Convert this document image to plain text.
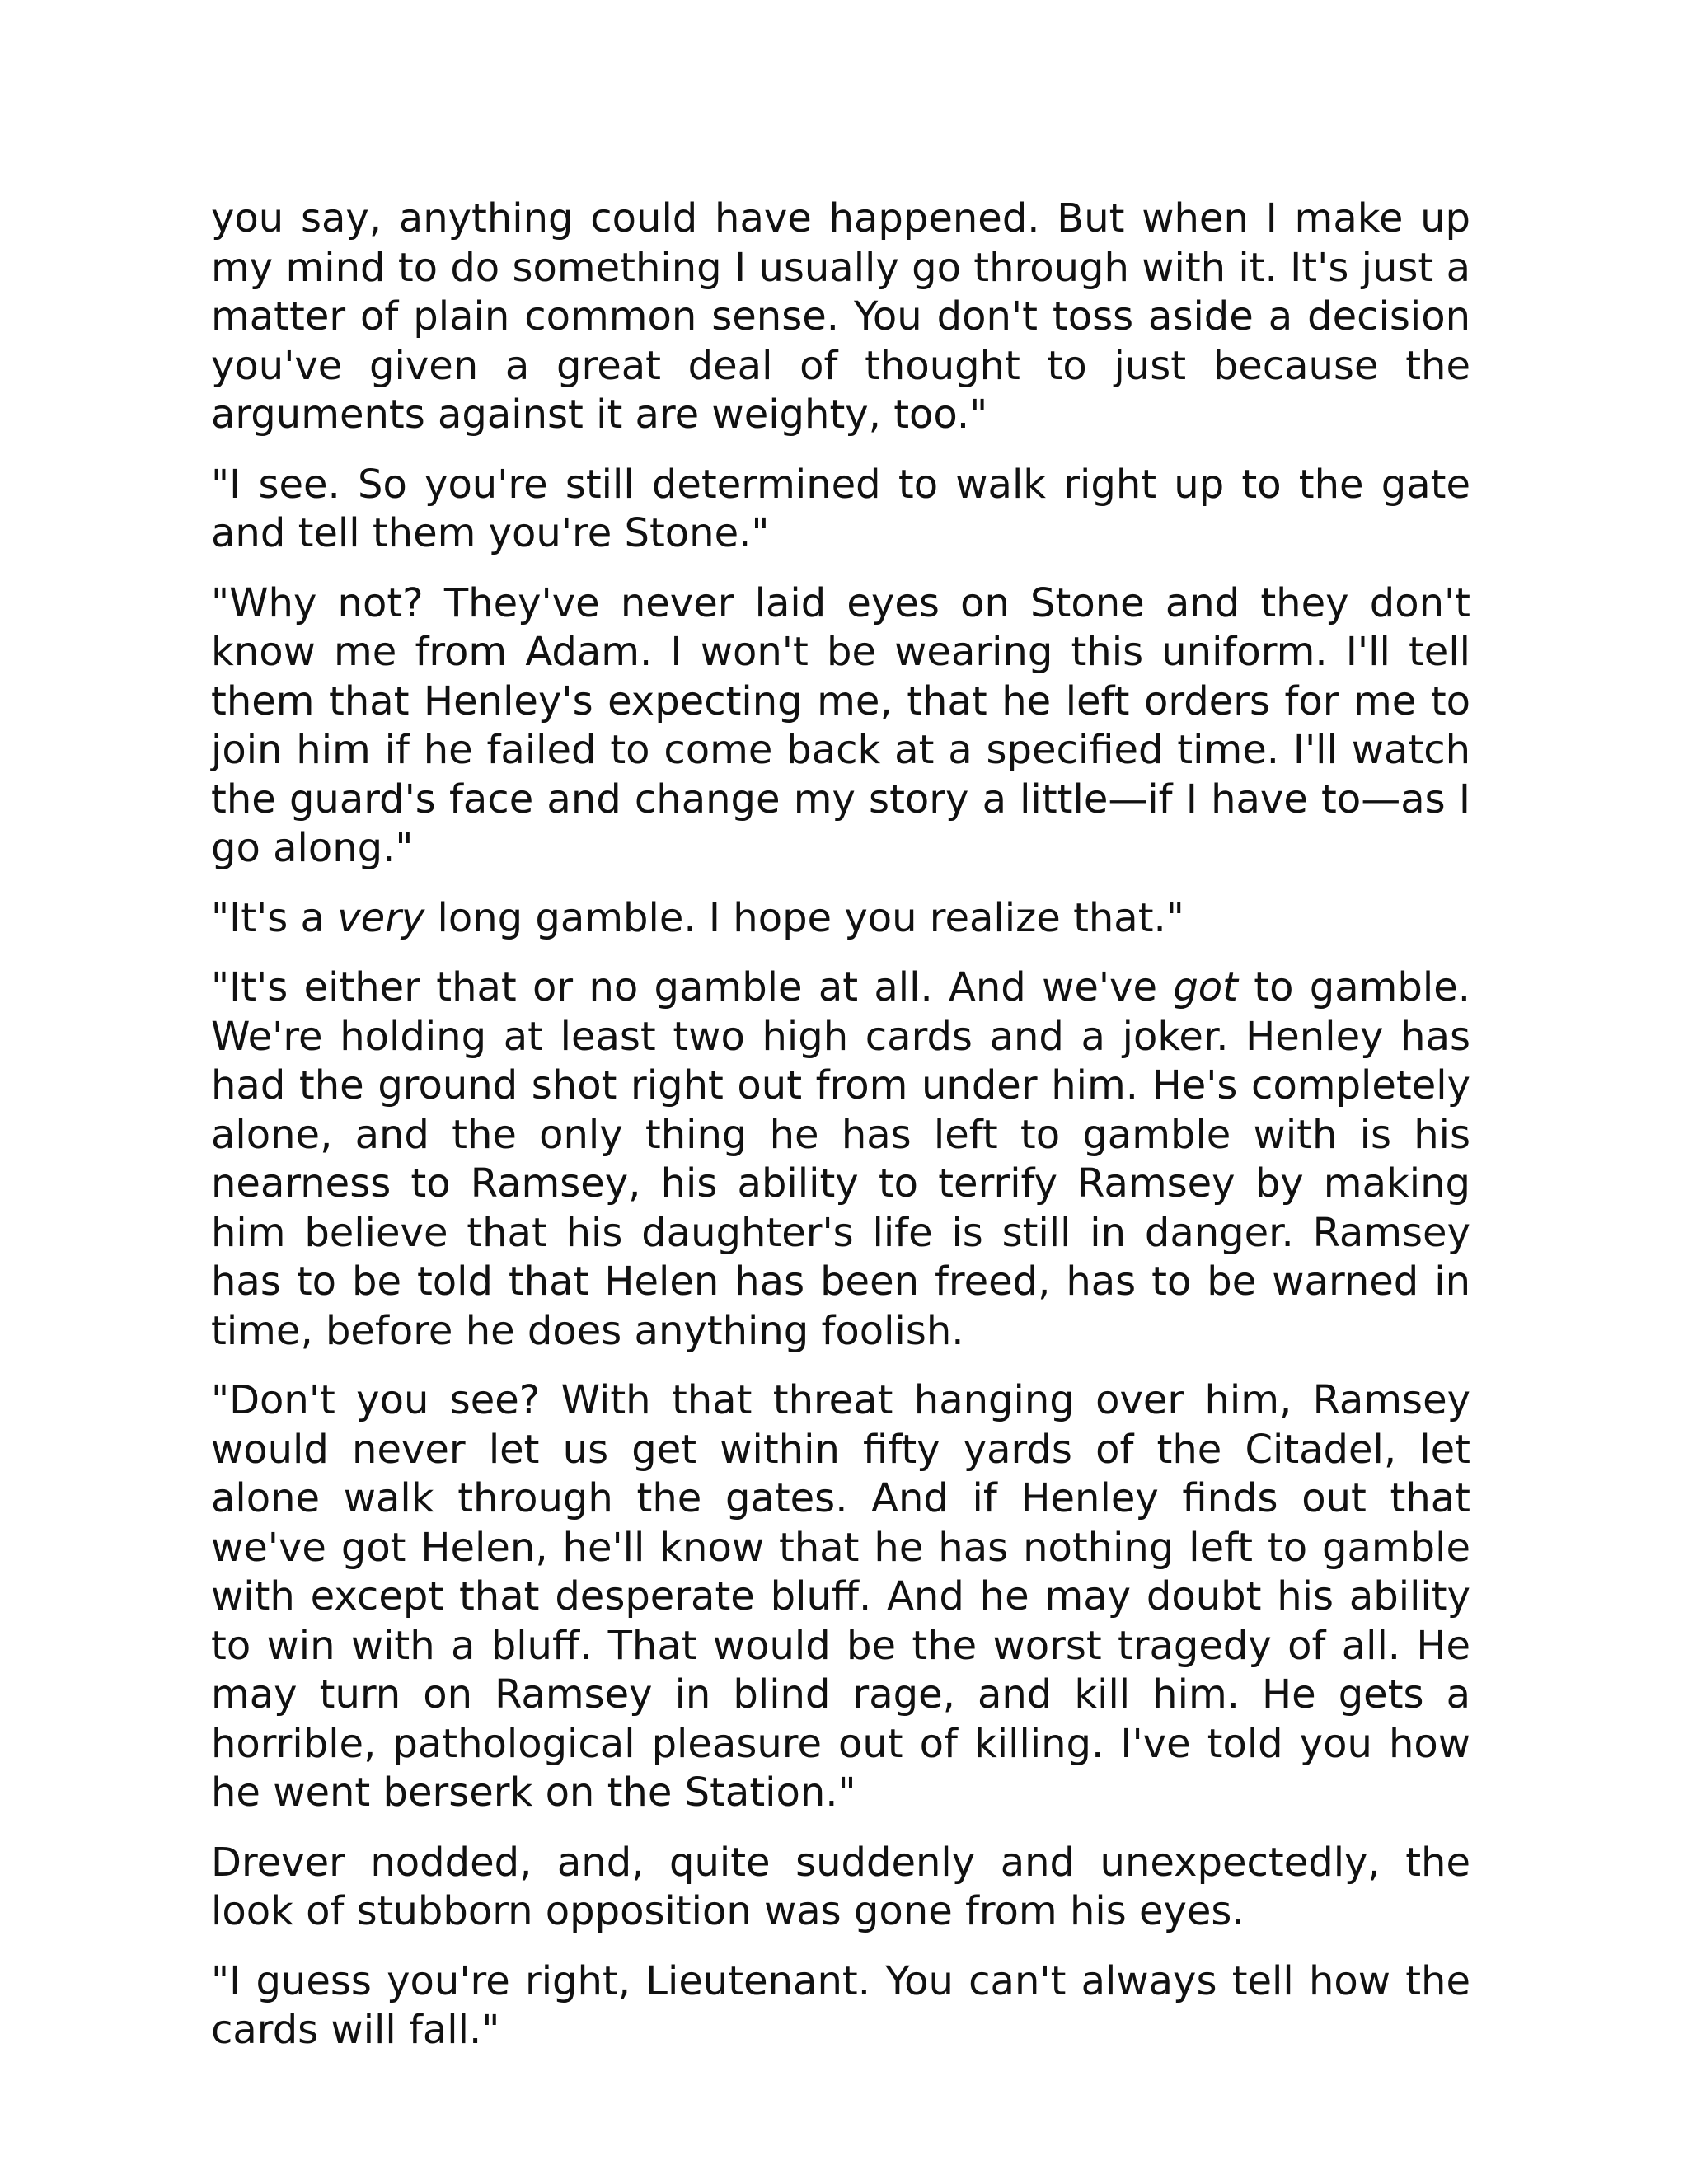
you say, anything could have happened. But when I make up my mind to do something I usually go through with it. It's just a matter of plain common sense. You don't toss aside a decision you've given a great deal of thought to just because the arguments against it are weighty, too."

"I see. So you're still determined to walk right up to the gate and tell them you're Stone."

"Why not? They've never laid eyes on Stone and they don't know me from Adam. I won't be wearing this uniform. I'll tell them that Henley's expecting me, that he left orders for me to join him if he failed to come back at a specified time. I'll watch the guard's face and change my story a little—if I have to—as I go along."

"It's a very long gamble. I hope you realize that."

"It's either that or no gamble at all. And we've got to gamble. We're holding at least two high cards and a joker. Henley has had the ground shot right out from under him. He's completely alone, and the only thing he has left to gamble with is his nearness to Ramsey, his ability to terrify Ramsey by making him believe that his daughter's life is still in danger. Ramsey has to be told that Helen has been freed, has to be warned in time, before he does anything foolish.

"Don't you see? With that threat hanging over him, Ramsey would never let us get within fifty yards of the Citadel, let alone walk through the gates. And if Henley finds out that we've got Helen, he'll know that he has nothing left to gamble with except that desperate bluff. And he may doubt his ability to win with a bluff. That would be the worst tragedy of all. He may turn on Ramsey in blind rage, and kill him. He gets a horrible, pathological pleasure out of killing. I've told you how he went berserk on the Station."

Drever nodded, and, quite suddenly and unexpectedly, the look of stubborn opposition was gone from his eyes.

"I guess you're right, Lieutenant. You can't always tell how the cards will fall."
